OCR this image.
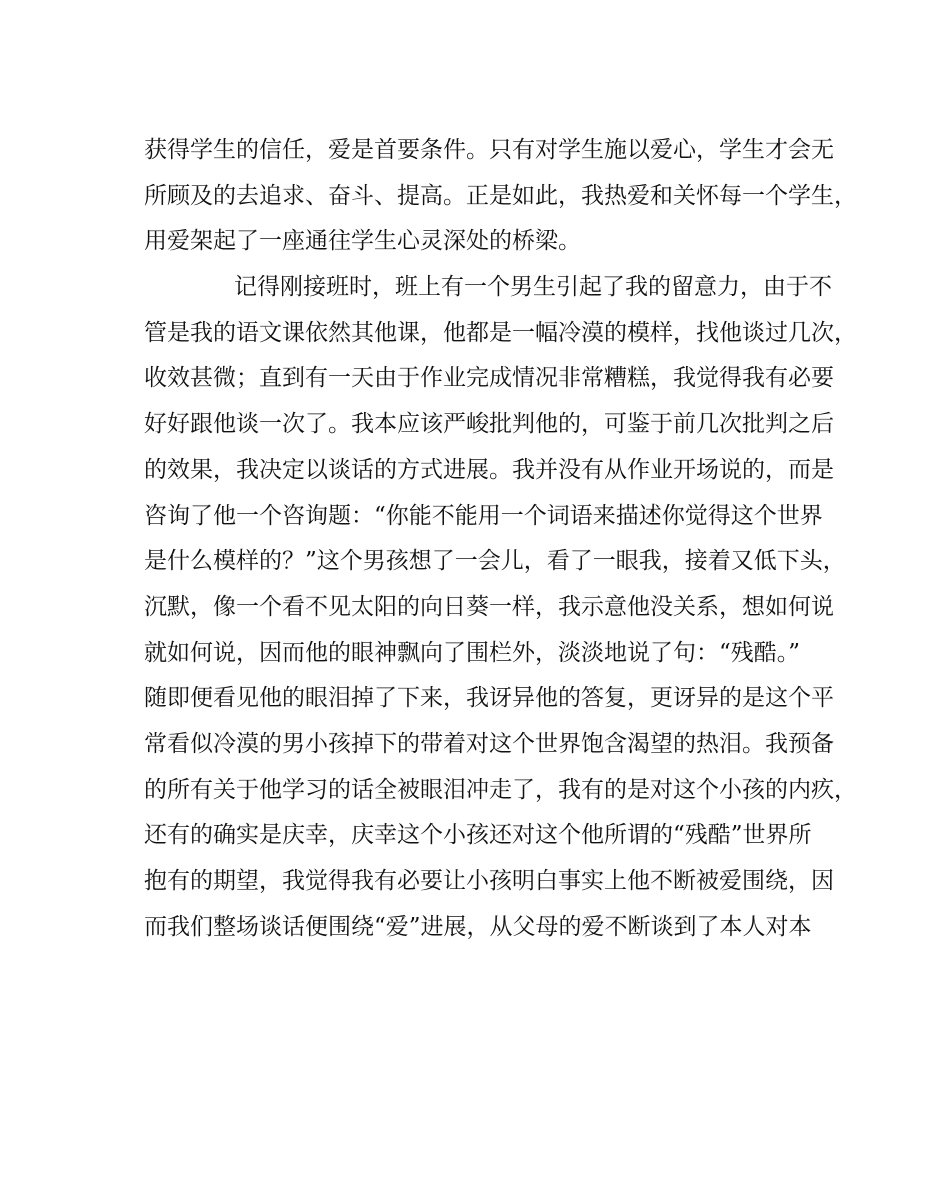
获得学生的信任，爱是首要条件。只有对学生施以爱心，学生才会无
所顾及的去追求、奋斗、提高。正是如此，我热爱和关怀每一个学生，
用爱架起了一座通往学生心灵深处的桥梁。
记得刚接班时，班上有一个男生引起了我的留意力，由于不
管是我的语文课依然其他课，他都是一幅冷漠的模样，找他谈过几次，
收效甚微；直到有一天由于作业完成情况非常糟糕，我觉得我有必要
好好跟他谈一次了。我本应该严峻批判他的，可鉴于前几次批判之后
的效果，我决定以谈话的方式进展。我并没有从作业开场说的，而是
咨询了他一个咨询题：“你能不能用一个词语来描述你觉得这个世界
是什么模样的？”这个男孩想了一会儿，看了一眼我，接着又低下头，
沉默，像一个看不见太阳的向日葵一样，我示意他没关系，想如何说
就如何说，因而他的眼神飘向了围栏外，淡淡地说了句：“残酷。”
随即便看见他的眼泪掉了下来，我讶异他的答复，更讶异的是这个平
常看似冷漠的男小孩掉下的带着对这个世界饱含渴望的热泪。我预备
的所有关于他学习的话全被眼泪冲走了，我有的是对这个小孩的内疚，
还有的确实是庆幸，庆幸这个小孩还对这个他所谓的“残酷”世界所
抱有的期望，我觉得我有必要让小孩明白事实上他不断被爱围绕，因
而我们整场谈话便围绕“爱”进展，从父母的爱不断谈到了本人对本
